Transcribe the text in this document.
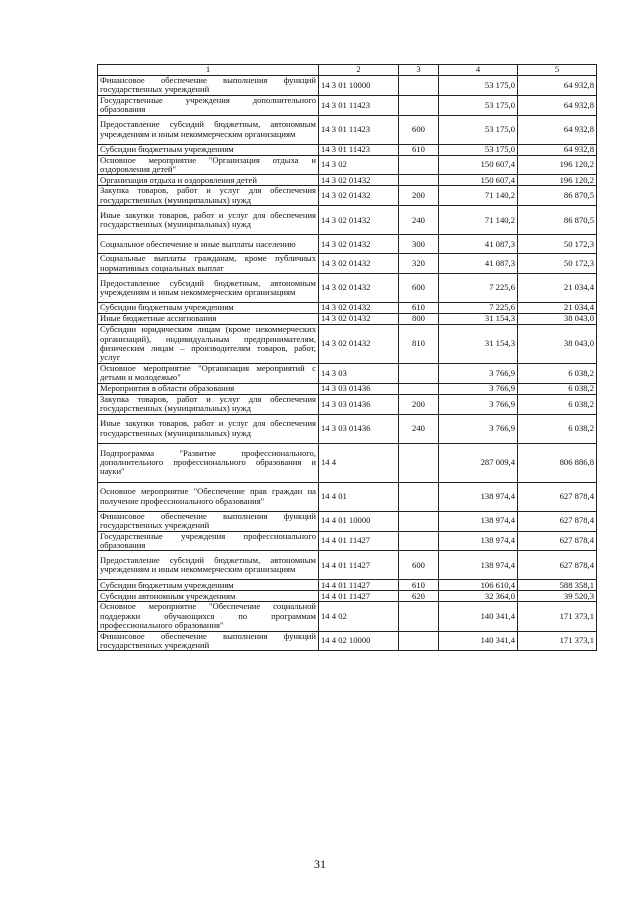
1	2	3	4	5
Финансовое обеспечение выполнения функций государственных учреждений	14 3 01 10000		53 175,0	64 932,8
Государственные учреждения дополнительного образования	14 3 01 11423		53 175,0	64 932,8
Предоставление субсидий бюджетным, автономным учреждениям и иным некоммерческим организациям	14 3 01 11423	600	53 175,0	64 932,8
Субсидии бюджетным учреждениям	14 3 01 11423	610	53 175,0	64 932,8
Основное мероприятие "Организация отдыха и оздоровления детей"	14 3 02		150 607,4	196 120,2
Организация отдыха и оздоровления детей	14 3 02 01432		150 607,4	196 120,2
Закупка товаров, работ и услуг для обеспечения государственных (муниципальных) нужд	14 3 02 01432	200	71 140,2	86 870,5
Иные закупки товаров, работ и услуг для обеспечения государственных (муниципальных) нужд	14 3 02 01432	240	71 140,2	86 870,5
Социальное обеспечение и иные выплаты населению	14 3 02 01432	300	41 087,3	50 172,3
Социальные выплаты гражданам, кроме публичных нормативных социальных выплат	14 3 02 01432	320	41 087,3	50 172,3
Предоставление субсидий бюджетным, автономным учреждениям и иным некоммерческим организациям	14 3 02 01432	600	7 225,6	21 034,4
Субсидии бюджетным учреждениям	14 3 02 01432	610	7 225,6	21 034,4
Иные бюджетные ассигнования	14 3 02 01432	800	31 154,3	38 043,0
Субсидии юридическим лицам (кроме некоммерческих организаций), индивидуальным предпринимателям, физическим лицам – производителям товаров, работ, услуг	14 3 02 01432	810	31 154,3	38 043,0
Основное мероприятие "Организация мероприятий с детьми и молодежью"	14 3 03		3 766,9	6 038,2
Мероприятия в области образования	14 3 03 01436		3 766,9	6 038,2
Закупка товаров, работ и услуг для обеспечения государственных (муниципальных) нужд	14 3 03 01436	200	3 766,9	6 038,2
Иные закупки товаров, работ и услуг для обеспечения государственных (муниципальных) нужд	14 3 03 01436	240	3 766,9	6 038,2
Подпрограмма "Развитие профессионального, дополнительного профессионального образования и науки"	14 4		287 009,4	806 886,8
Основное мероприятие "Обеспечение прав граждан на получение профессионального образования"	14 4 01		138 974,4	627 878,4
Финансовое обеспечение выполнения функций государственных учреждений	14 4 01 10000		138 974,4	627 878,4
Государственные учреждения профессионального образования	14 4 01 11427		138 974,4	627 878,4
Предоставление субсидий бюджетным, автономным учреждениям и иным некоммерческим организациям	14 4 01 11427	600	138 974,4	627 878,4
Субсидии бюджетным учреждениям	14 4 01 11427	610	106 610,4	588 358,1
Субсидии автономным учреждениям	14 4 01 11427	620	32 364,0	39 520,3
Основное мероприятие "Обеспечение социальной поддержки обучающихся по программам профессионального образования"	14 4 02		140 341,4	171 373,1
Финансовое обеспечение выполнения функций государственных учреждений	14 4 02 10000		140 341,4	171 373,1
31
